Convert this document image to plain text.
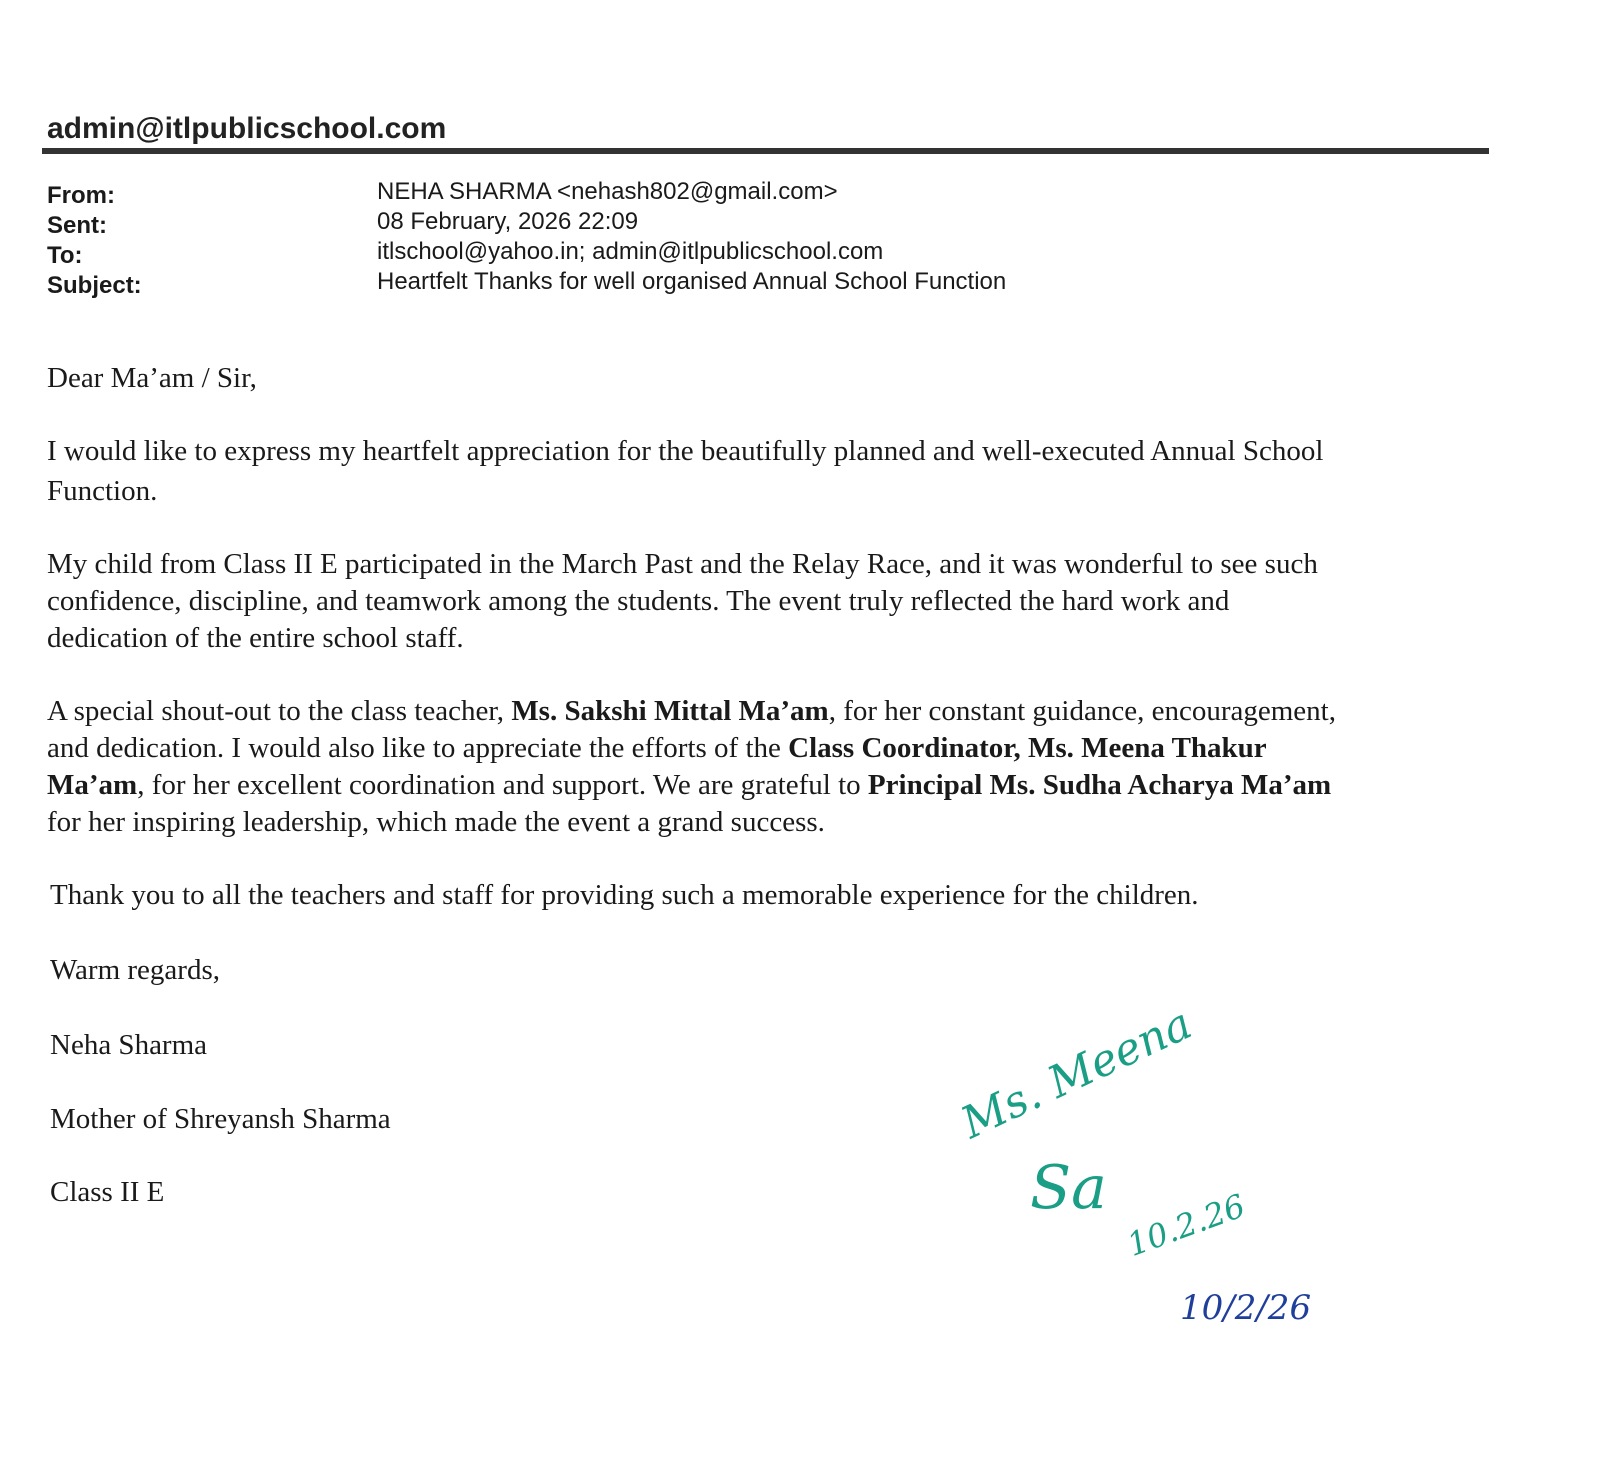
admin@itlpublicschool.com
From:	NEHA SHARMA <nehash802@gmail.com>
Sent:	08 February, 2026 22:09
To:	itlschool@yahoo.in; admin@itlpublicschool.com
Subject:	Heartfelt Thanks for well organised Annual School Function
Dear Ma’am / Sir,
I would like to express my heartfelt appreciation for the beautifully planned and well-executed Annual School
Function.
My child from Class II E participated in the March Past and the Relay Race, and it was wonderful to see such
confidence, discipline, and teamwork among the students. The event truly reflected the hard work and
dedication of the entire school staff.
A special shout-out to the class teacher, Ms. Sakshi Mittal Ma’am, for her constant guidance, encouragement,
and dedication. I would also like to appreciate the efforts of the Class Coordinator, Ms. Meena Thakur
Ma’am, for her excellent coordination and support. We are grateful to Principal Ms. Sudha Acharya Ma’am
for her inspiring leadership, which made the event a grand success.
Thank you to all the teachers and staff for providing such a memorable experience for the children.
Warm regards,
Neha Sharma
Mother of Shreyansh Sharma
Class II E
Ms. Meena
Sa 10.2.26
10/2/26
